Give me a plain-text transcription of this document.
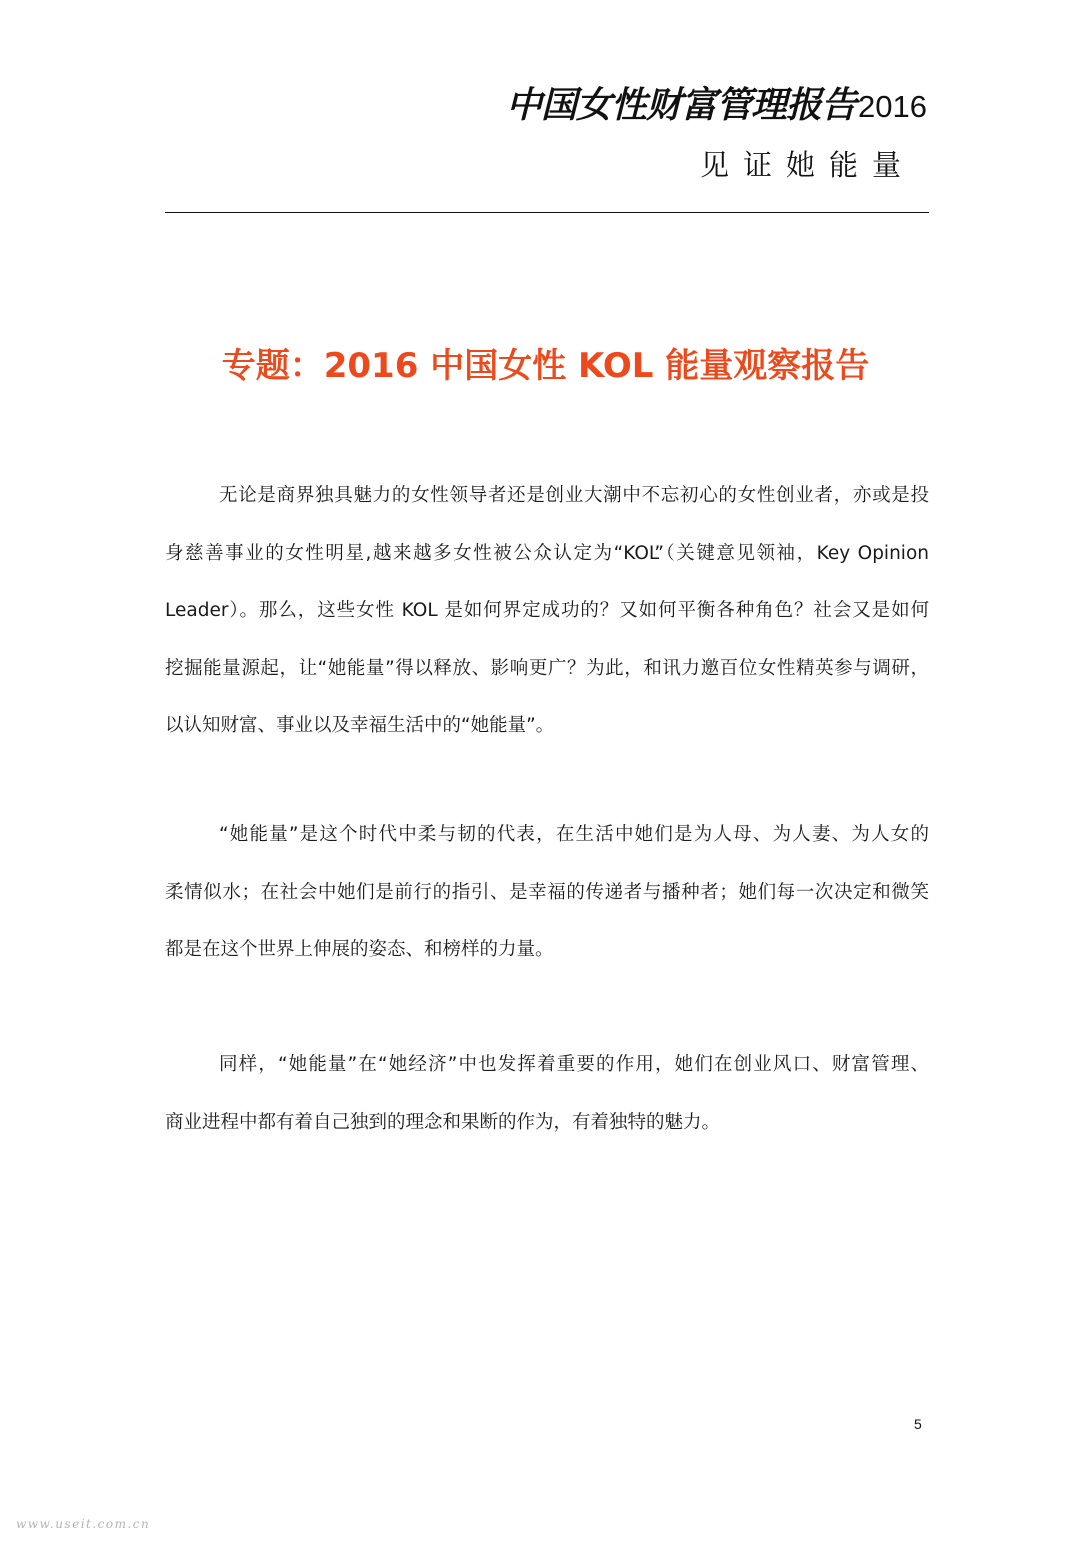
中国女性财富管理报告2016
见证她能量
专题：2016 中国女性 KOL 能量观察报告
无论是商界独具魅力的女性领导者还是创业大潮中不忘初心的女性创业者，亦或是投
身慈善事业的女性明星,越来越多女性被公众认定为“KOL”（关键意见领袖，Key Opinion
Leader）。那么，这些女性 KOL 是如何界定成功的？又如何平衡各种角色？社会又是如何
挖掘能量源起，让“她能量”得以释放、影响更广？为此，和讯力邀百位女性精英参与调研，
以认知财富、事业以及幸福生活中的“她能量”。
“她能量”是这个时代中柔与韧的代表，在生活中她们是为人母、为人妻、为人女的
柔情似水；在社会中她们是前行的指引、是幸福的传递者与播种者；她们每一次决定和微笑
都是在这个世界上伸展的姿态、和榜样的力量。
同样，“她能量”在“她经济”中也发挥着重要的作用，她们在创业风口、财富管理、
商业进程中都有着自己独到的理念和果断的作为，有着独特的魅力。
5
www.useit.com.cn
